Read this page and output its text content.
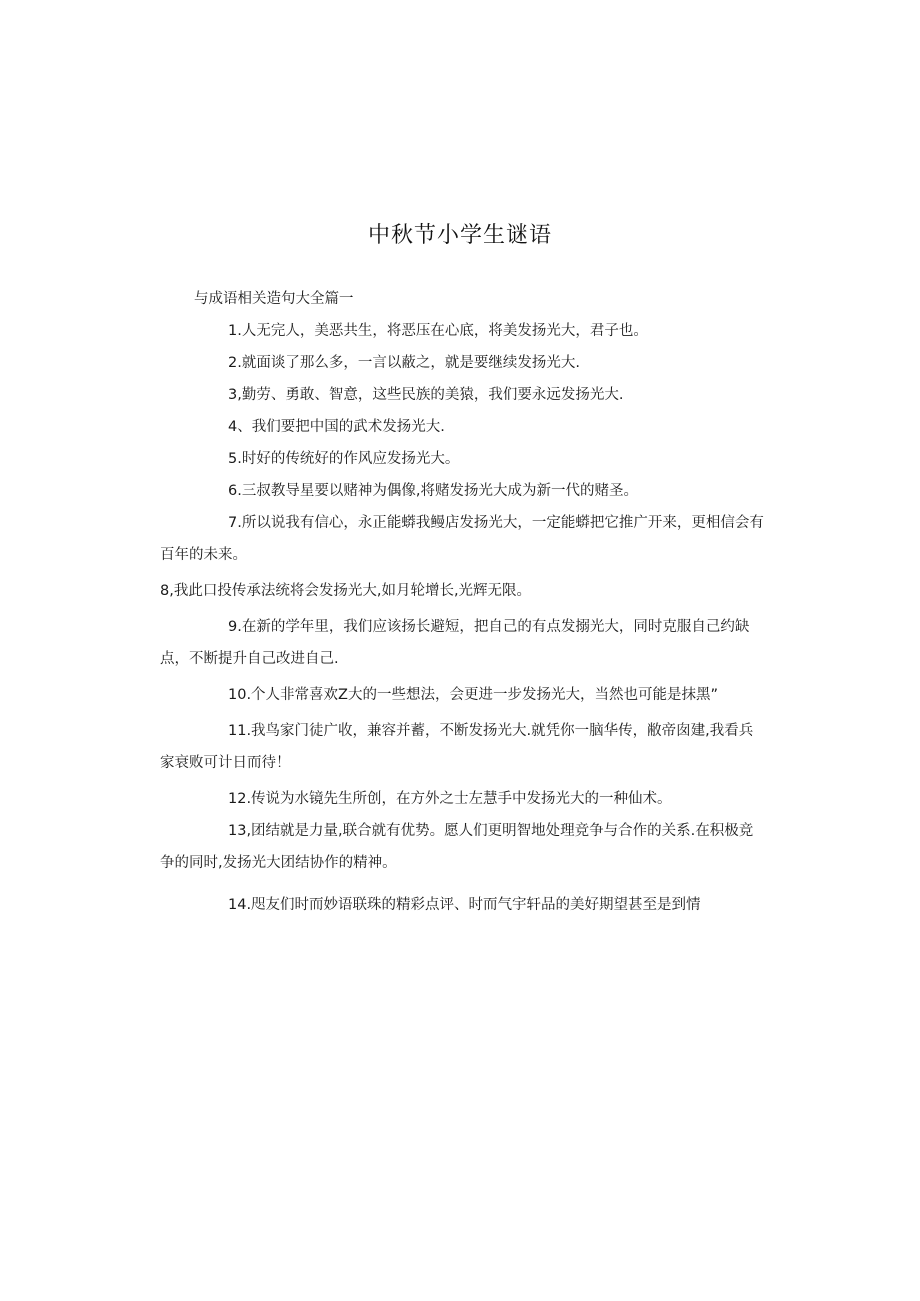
中秋节小学生谜语

与成语相关造句大全篇一

1.人无完人，美恶共生，将恶压在心底，将美发扬光大，君子也。

2.就面谈了那么多，一言以蔽之，就是要继续发扬光大.

3,勤劳、勇敢、智意，这些民族的美猿，我们要永远发扬光大.

4、我们要把中国的武术发扬光大.

5.时好的传统好的作风应发扬光大。

6.三叔教导星要以赌神为偶像,将赌发扬光大成为新一代的赌圣。

7.所以说我有信心，永正能蟒我鳗店发扬光大，一定能蟒把它推广开来，更相信会有百年的未来。

8,我此口投传承法统将会发扬光大,如月轮增长,光辉无限。

9.在新的学年里，我们应该扬长避短，把自己的有点发搦光大，同时克服自己约缺点，不断提升自己改进自己.

10.个人非常喜欢Z大的一些想法，会更进一步发扬光大，当然也可能是抹黑”

11.我鸟家门徒广收，兼容并蓄，不断发扬光大.就凭你一脑华传，敝帝囱建,我看兵家衰败可计日而待！

12.传说为水镜先生所创，在方外之士左慧手中发扬光大的一种仙术。

13,团结就是力量,联合就有优势。愿人们更明智地处理竞争与合作的关系.在积极竞争的同时,发扬光大团结协作的精神。

14.咫友们时而妙语联珠的精彩点评、时而气宇轩品的美好期望甚至是到情
